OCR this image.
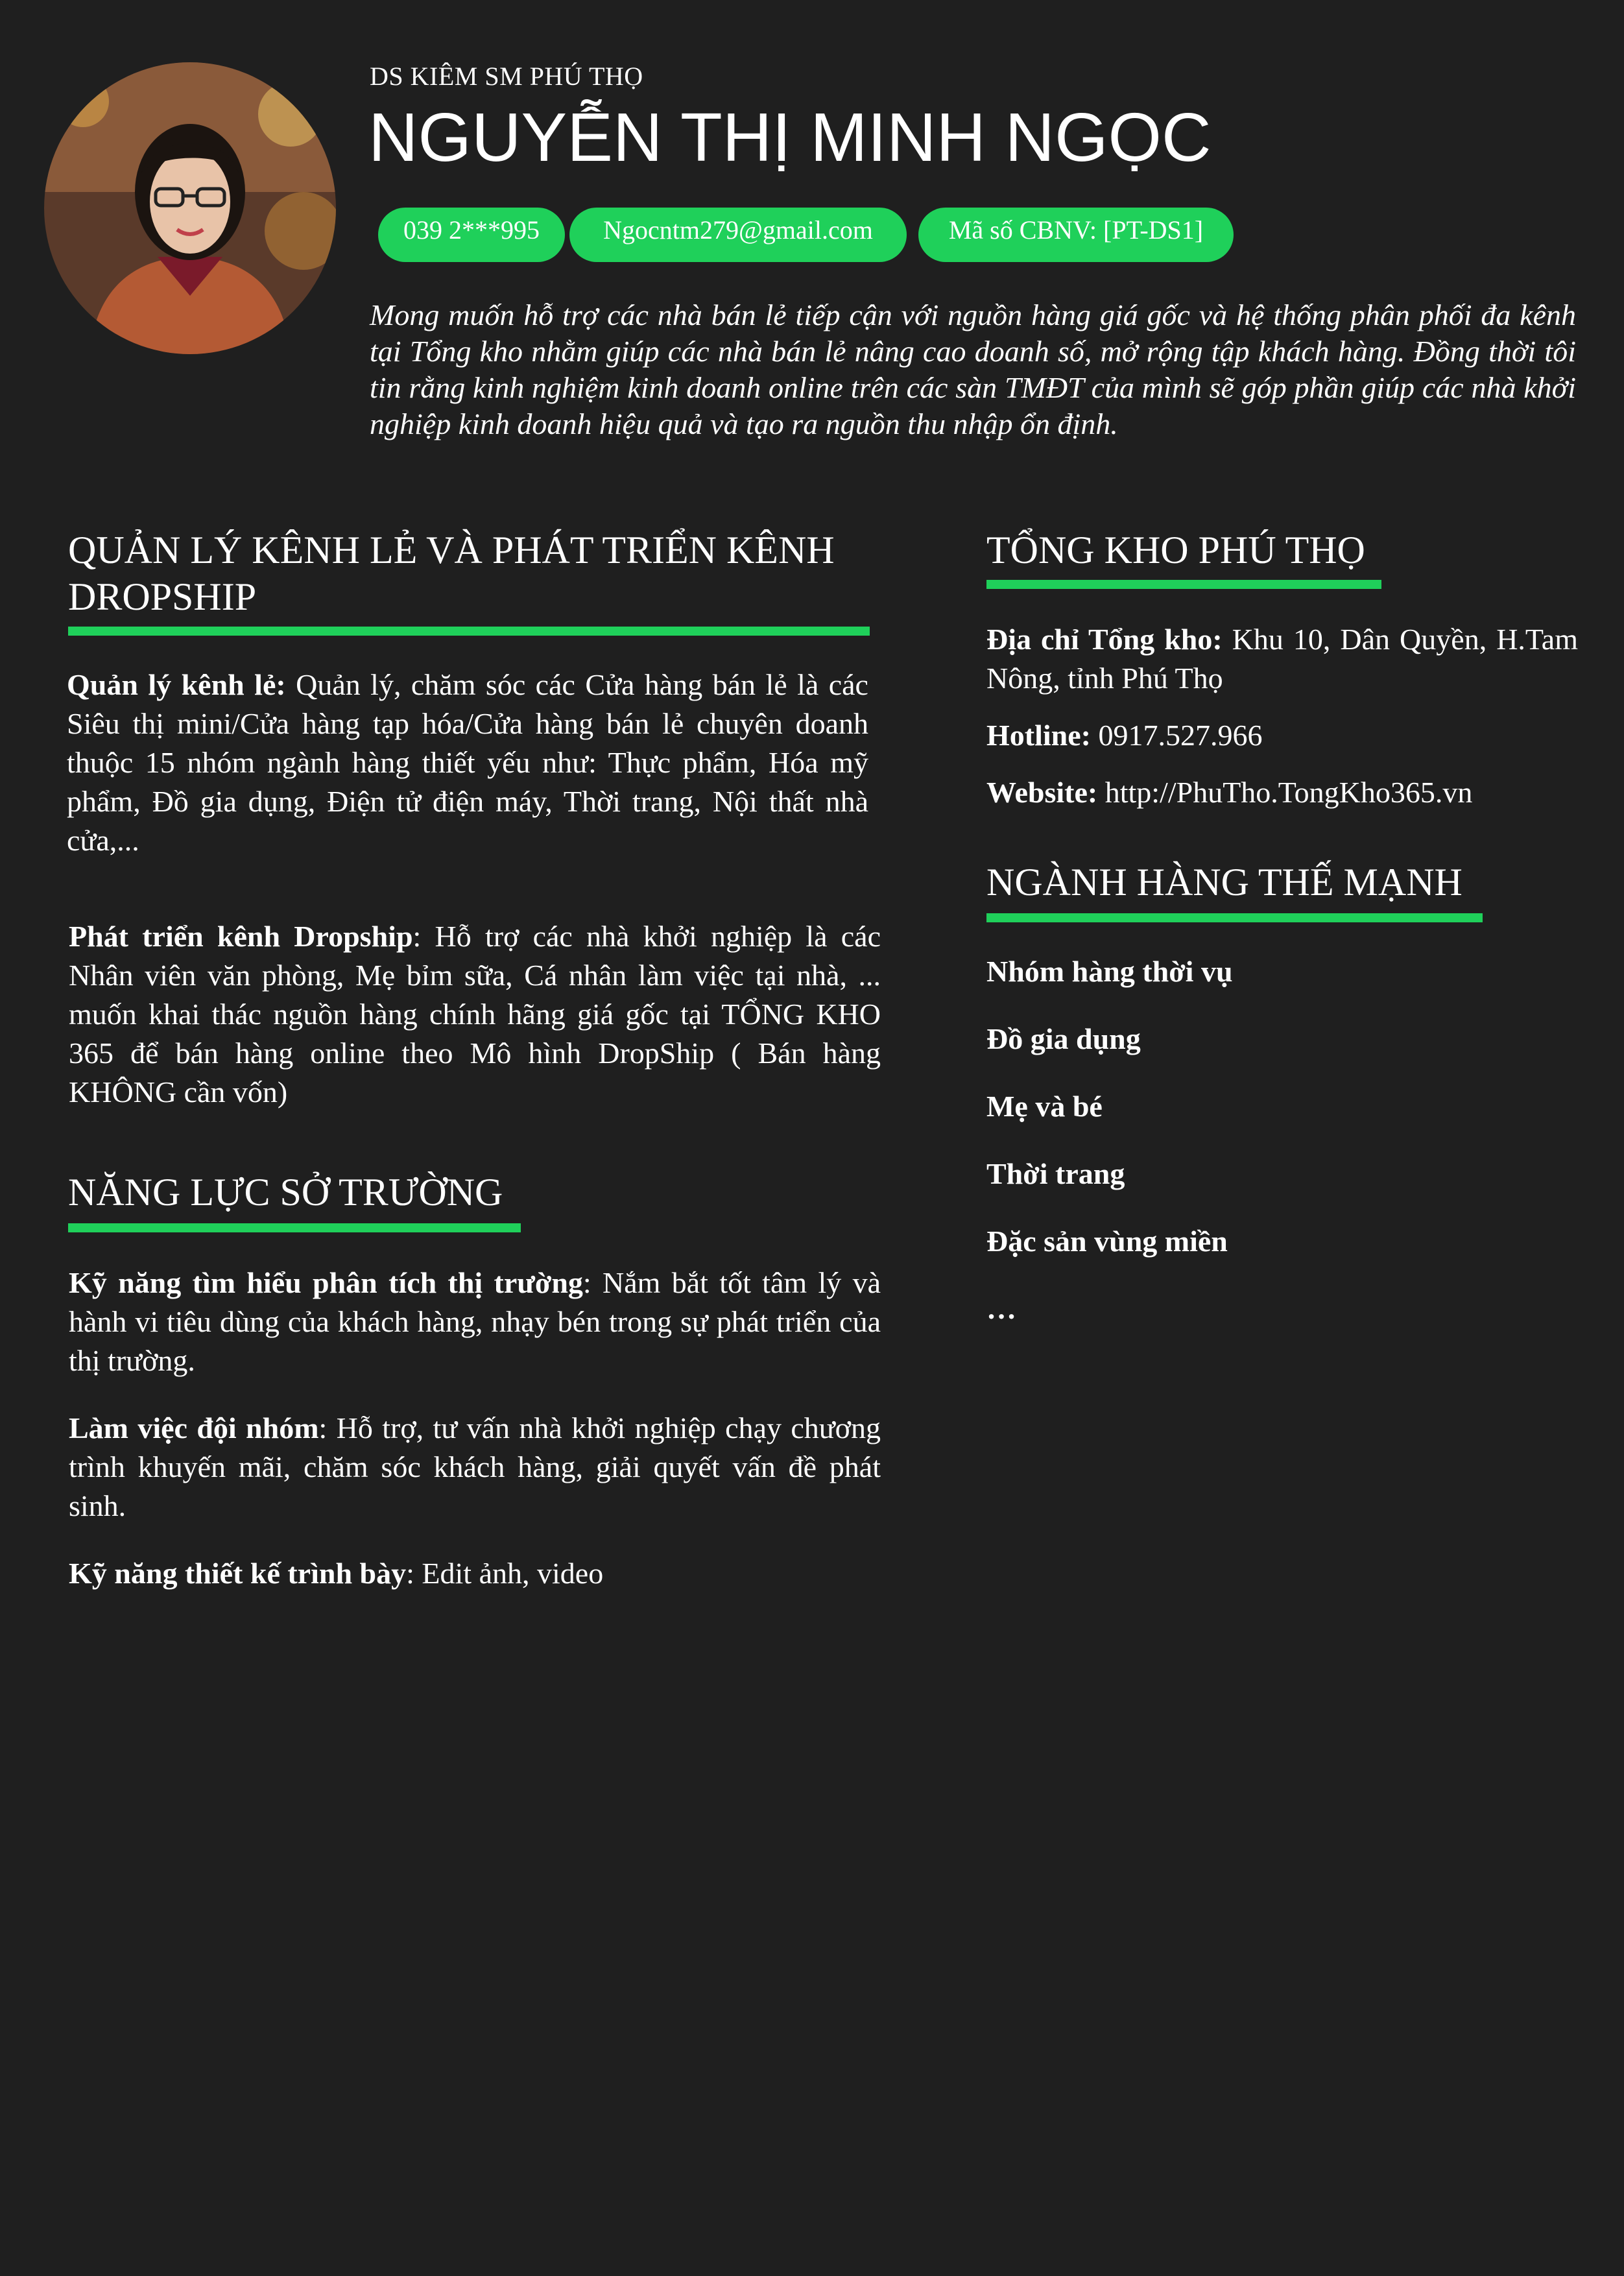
DS KIÊM SM PHÚ THỌ
NGUYỄN THỊ MINH NGỌC
039 2***995	Ngocntm279@gmail.com	Mã số CBNV: [PT-DS1]
Mong muốn hỗ trợ các nhà bán lẻ tiếp cận với nguồn hàng giá gốc và hệ thống phân phối đa kênh tại Tổng kho nhằm giúp các nhà bán lẻ nâng cao doanh số, mở rộng tập khách hàng. Đồng thời tôi tin rằng kinh nghiệm kinh doanh online trên các sàn TMĐT của mình sẽ góp phần giúp các nhà khởi nghiệp kinh doanh hiệu quả và tạo ra nguồn thu nhập ổn định.
QUẢN LÝ KÊNH LẺ VÀ PHÁT TRIỂN KÊNH
DROPSHIP
Quản lý kênh lẻ: Quản lý, chăm sóc các Cửa hàng bán lẻ là các Siêu thị mini/Cửa hàng tạp hóa/Cửa hàng bán lẻ chuyên doanh thuộc 15 nhóm ngành hàng thiết yếu như: Thực phẩm, Hóa mỹ phẩm, Đồ gia dụng, Điện tử điện máy, Thời trang, Nội thất nhà cửa,...
Phát triển kênh Dropship: Hỗ trợ các nhà khởi nghiệp là các Nhân viên văn phòng, Mẹ bỉm sữa, Cá nhân làm việc tại nhà, ... muốn khai thác nguồn hàng chính hãng giá gốc tại TỔNG KHO 365 để bán hàng online theo Mô hình DropShip ( Bán hàng KHÔNG cần vốn)
NĂNG LỰC SỞ TRƯỜNG
Kỹ năng tìm hiểu phân tích thị trường: Nắm bắt tốt tâm lý và hành vi tiêu dùng của khách hàng, nhạy bén trong sự phát triển của thị trường.
Làm việc đội nhóm: Hỗ trợ, tư vấn nhà khởi nghiệp chạy chương trình khuyến mãi, chăm sóc khách hàng, giải quyết vấn đề phát sinh.
Kỹ năng thiết kế trình bày: Edit ảnh, video
TỔNG KHO PHÚ THỌ
Địa chỉ Tổng kho: Khu 10, Dân Quyền, H.Tam Nông, tỉnh Phú Thọ
Hotline: 0917.527.966
Website: http://PhuTho.TongKho365.vn
NGÀNH HÀNG THẾ MẠNH
Nhóm hàng thời vụ
Đồ gia dụng
Mẹ và bé
Thời trang
Đặc sản vùng miền
…
